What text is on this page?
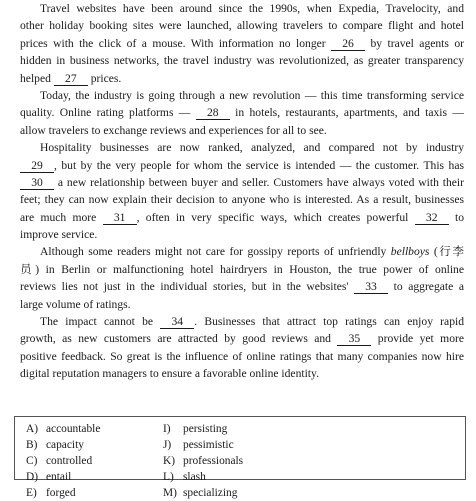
Travel websites have been around since the 1990s, when Expedia, Travelocity, and
other holiday booking sites were launched, allowing travelers to compare flight and hotel
prices with the click of a mouse. With information no longer 26 by travel agents or
hidden in business networks, the travel industry was revolutionized, as greater transparency
helped 27 prices.
Today, the industry is going through a new revolution — this time transforming service
quality. Online rating platforms — 28 in hotels, restaurants, apartments, and taxis —
allow travelers to exchange reviews and experiences for all to see.
Hospitality businesses are now ranked, analyzed, and compared not by industry
29 , but by the very people for whom the service is intended — the customer. This has
30 a new relationship between buyer and seller. Customers have always voted with their
feet; they can now explain their decision to anyone who is interested. As a result, businesses
are much more 31 , often in very specific ways, which creates powerful 32 to
improve service.
Although some readers might not care for gossipy reports of unfriendly bellboys (行李
员) in Berlin or malfunctioning hotel hairdryers in Houston, the true power of online
reviews lies not just in the individual stories, but in the websites' 33 to aggregate a
large volume of ratings.
The impact cannot be 34 . Businesses that attract top ratings can enjoy rapid
growth, as new customers are attracted by good reviews and 35 provide yet more
positive feedback. So great is the influence of online ratings that many companies now hire
digital reputation managers to ensure a favorable online identity.
A) accountable
B) capacity
C) controlled
D) entail
E) forged
I) persisting
J) pessimistic
K) professionals
L) slash
M) specializing
